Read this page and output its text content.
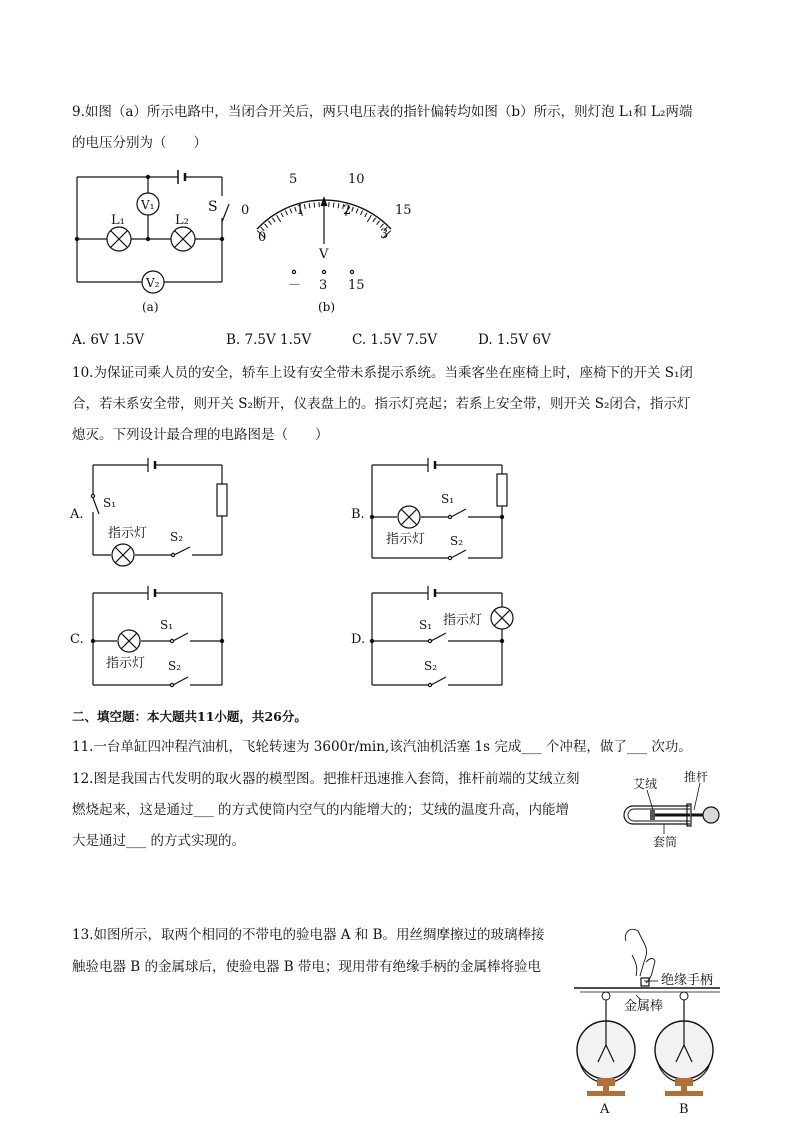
9.如图（a）所示电路中，当闭合开关后，两只电压表的指针偏转均如图（b）所示，则灯泡 L₁和 L₂两端
的电压分别为（　　）
V₁
V₂
L₁	L₂
S
(a)
0
5	10
15
0
1	2
3
V
－ 3 15
(b)
A. 6V 1.5V	B. 7.5V 1.5V	C. 1.5V 7.5V	D. 1.5V 6V
10.为保证司乘人员的安全，轿车上设有安全带未系提示系统。当乘客坐在座椅上时，座椅下的开关 S₁闭
合，若未系安全带，则开关 S₂断开，仪表盘上的。指示灯亮起；若系上安全带，则开关 S₂闭合，指示灯
熄灭。下列设计最合理的电路图是（　　）
A.
S₁
S₂
指示灯
B.
S₁
S₂
指示灯
C.
S₁
S₂
指示灯
D.
S₁
S₂
指示灯
二、填空题：本大题共11小题，共26分。
11.一台单缸四冲程汽油机，飞轮转速为 3600r/min,该汽油机活塞 1s 完成___ 个冲程，做了___ 次功。
12.图是我国古代发明的取火器的模型图。把推杆迅速推入套筒，推杆前端的艾绒立刻
燃烧起来，这是通过___ 的方式使筒内空气的内能增大的；艾绒的温度升高，内能增
大是通过___ 的方式实现的。
艾绒 推杆
套筒
13.如图所示，取两个相同的不带电的验电器 A 和 B。用丝绸摩擦过的玻璃棒接
触验电器 B 的金属球后，使验电器 B 带电；现用带有绝缘手柄的金属棒将验电
绝缘手柄
金属棒
A	B
